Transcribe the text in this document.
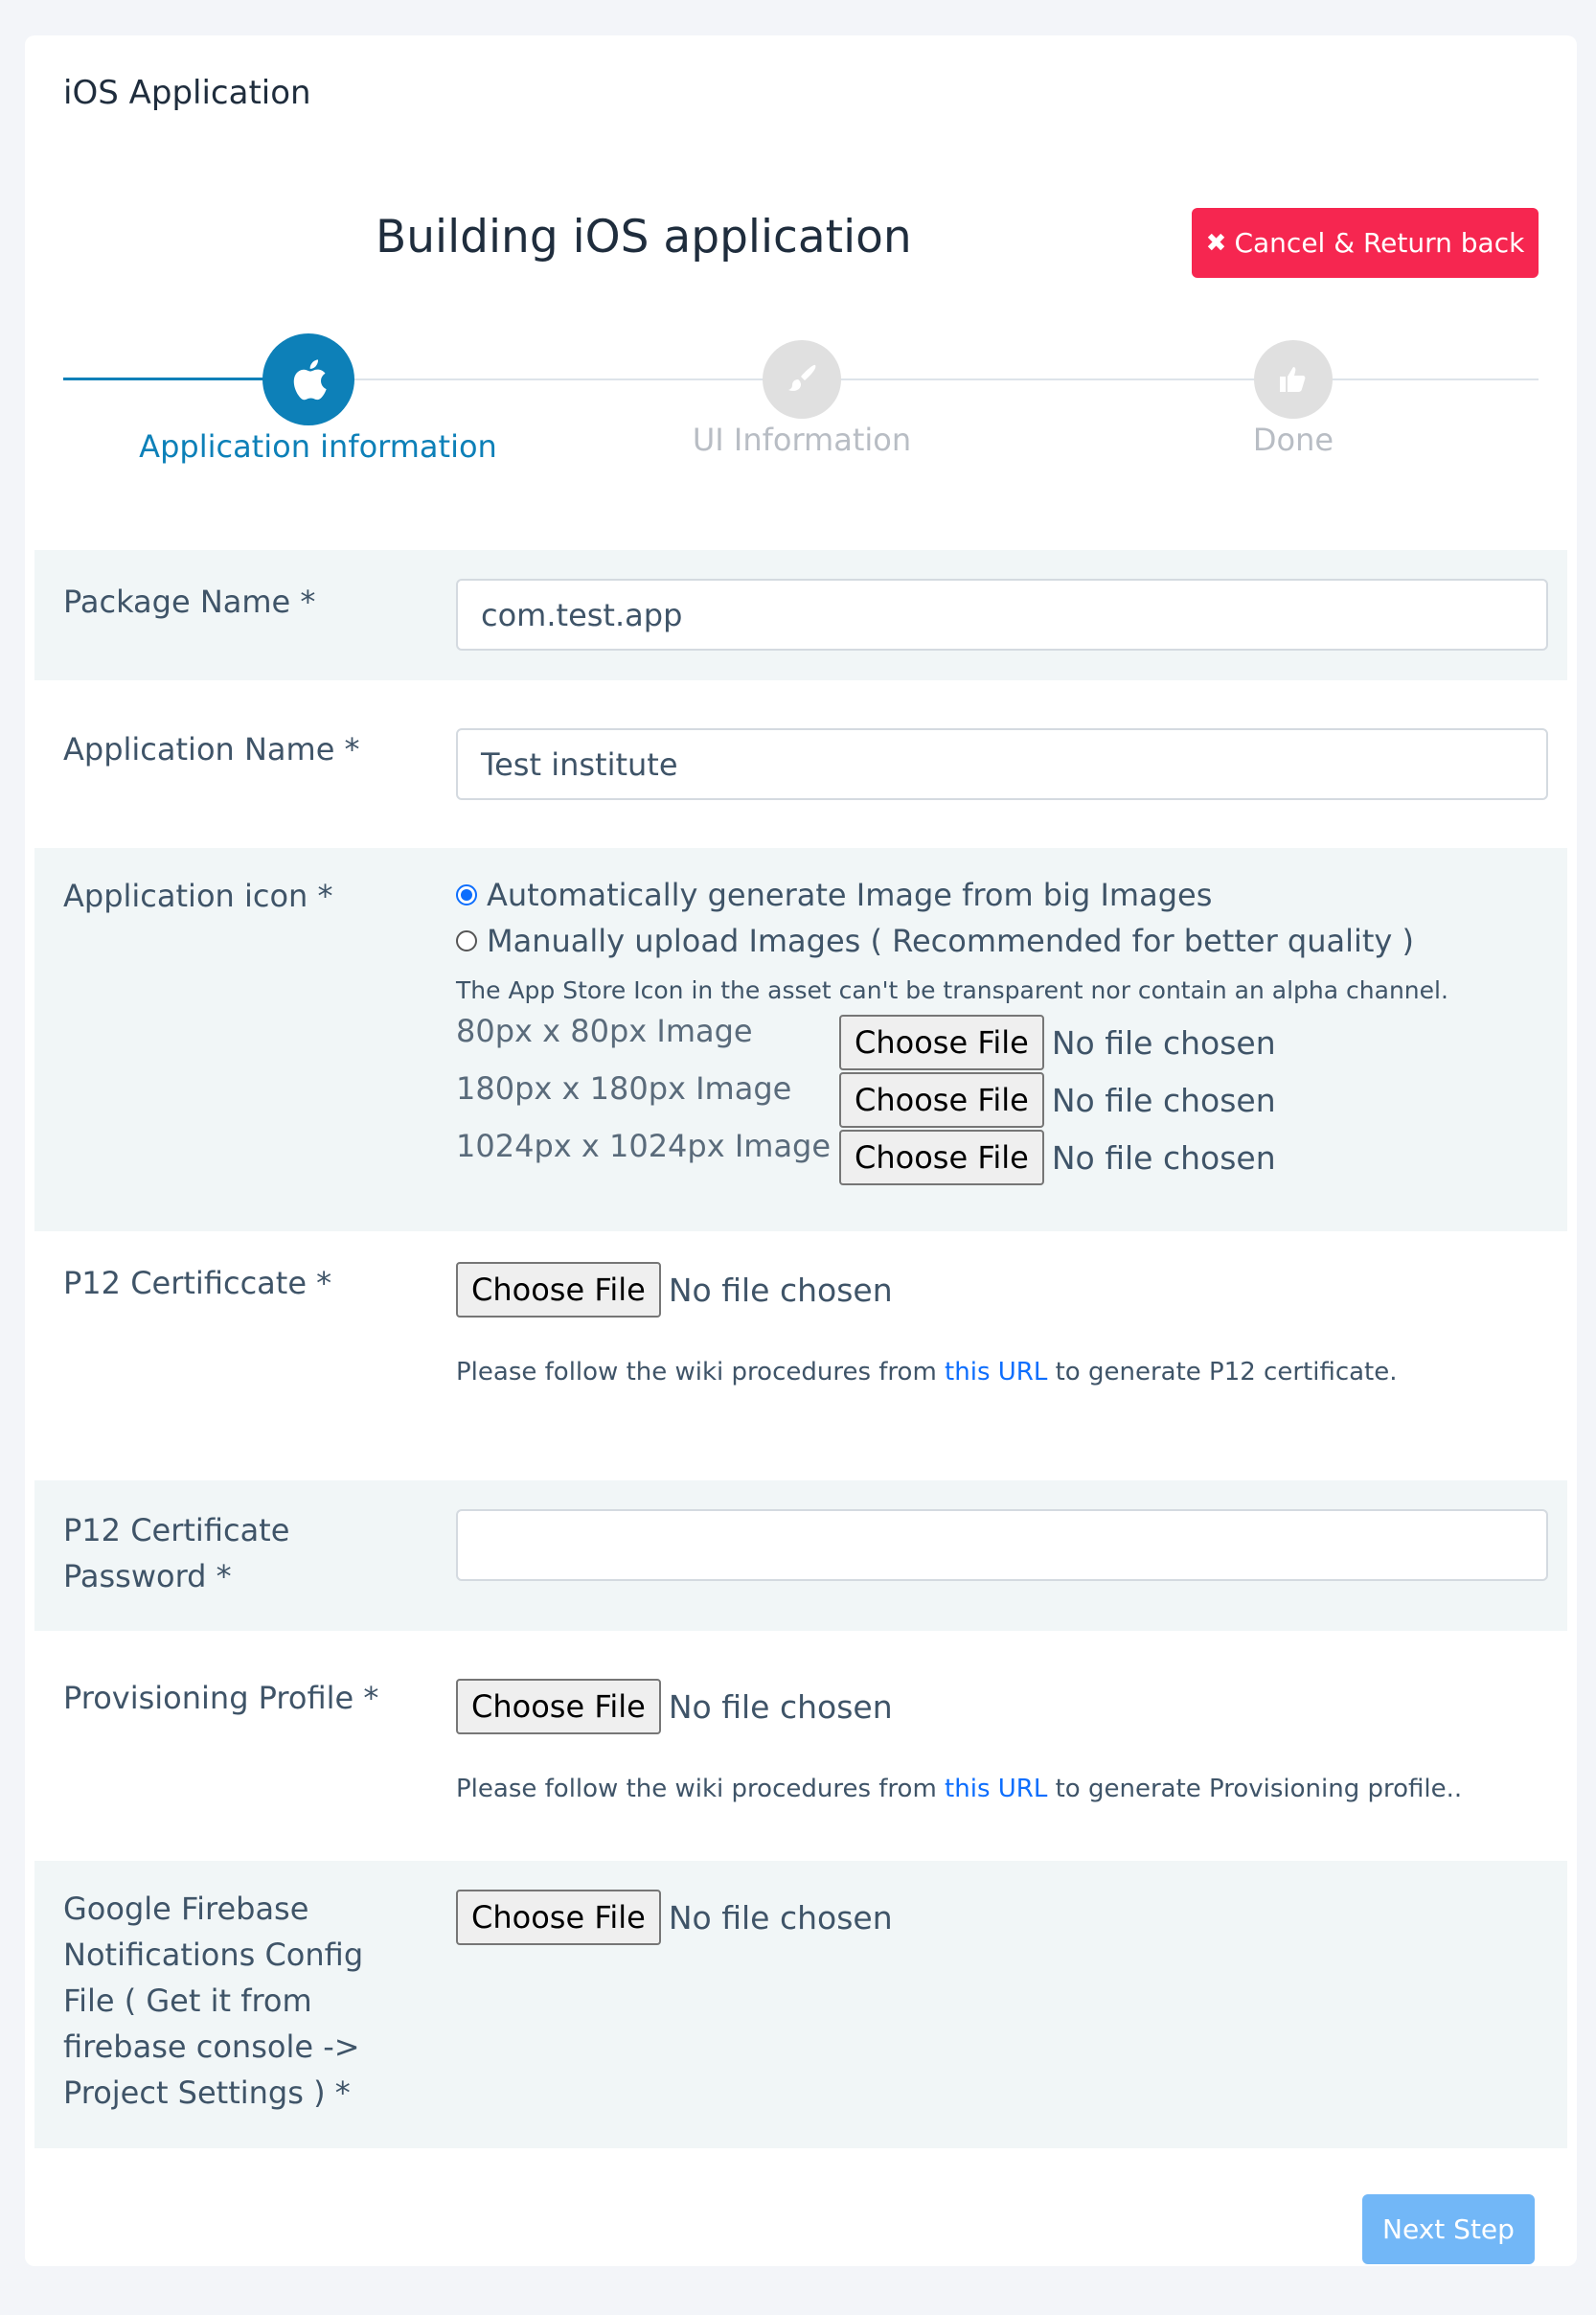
iOS Application
Building iOS application	✖ Cancel & Return back
Application information	UI Information	Done
Package Name *	com.test.app
Application Name *	Test institute
Application icon *	Automatically generate Image from big Images
Manually upload Images ( Recommended for better quality )
The App Store Icon in the asset can't be transparent nor contain an alpha channel.
80px x 80px Image	Choose File No file chosen
180px x 180px Image	Choose File No file chosen
1024px x 1024px Image Choose File No file chosen
P12 Certificcate *	Choose File No file chosen
Please follow the wiki procedures from this URL to generate P12 certificate.
P12 Certificate
Password *
Provisioning Profile *	Choose File No file chosen
Please follow the wiki procedures from this URL to generate Provisioning profile..
Google Firebase
Notifications Config
File ( Get it from
firebase console ->
Project Settings ) *
Choose File No file chosen
Next Step
